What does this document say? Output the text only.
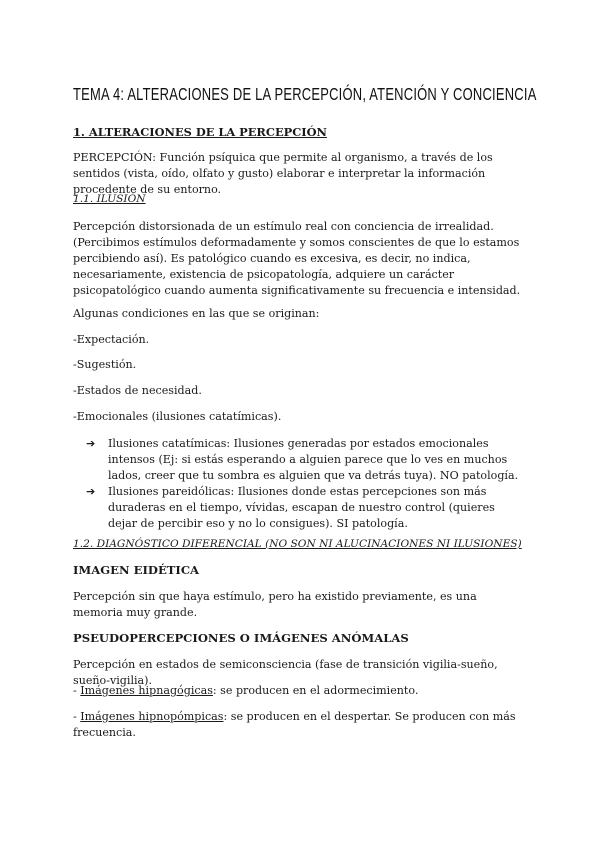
TEMA 4: ALTERACIONES DE LA PERCEPCIÓN, ATENCIÓN Y CONCIENCIA
1. ALTERACIONES DE LA PERCEPCIÓN
PERCEPCIÓN: Función psíquica que permite al organismo, a través de los sentidos (vista, oído, olfato y gusto) elaborar e interpretar la información procedente de su entorno.
1.1. ILUSIÓN
Percepción distorsionada de un estímulo real con conciencia de irrealidad. (Percibimos estímulos deformadamente y somos conscientes de que lo estamos percibiendo así). Es patológico cuando es excesiva, es decir, no indica, necesariamente, existencia de psicopatología, adquiere un carácter psicopatológico cuando aumenta significativamente su frecuencia e intensidad.
Algunas condiciones en las que se originan:
-Expectación.
-Sugestión.
-Estados de necesidad.
-Emocionales (ilusiones catatímicas).
➔	Ilusiones catatímicas: Ilusiones generadas por estados emocionales intensos (Ej: si estás esperando a alguien parece que lo ves en muchos lados, creer que tu sombra es alguien que va detrás tuya). NO patología.
➔	Ilusiones pareidólicas: Ilusiones donde estas percepciones son más duraderas en el tiempo, vívidas, escapan de nuestro control (quieres dejar de percibir eso y no lo consigues). SI patología.
1.2. DIAGNÓSTICO DIFERENCIAL (NO SON NI ALUCINACIONES NI ILUSIONES)
IMAGEN EIDÉTICA
Percepción sin que haya estímulo, pero ha existido previamente, es una memoria muy grande.
PSEUDOPERCEPCIONES O IMÁGENES ANÓMALAS
Percepción en estados de semiconsciencia (fase de transición vigilia-sueño, sueño-vigilia).
- Imágenes hipnagógicas: se producen en el adormecimiento.
- Imágenes hipnopómpicas: se producen en el despertar. Se producen con más frecuencia.
